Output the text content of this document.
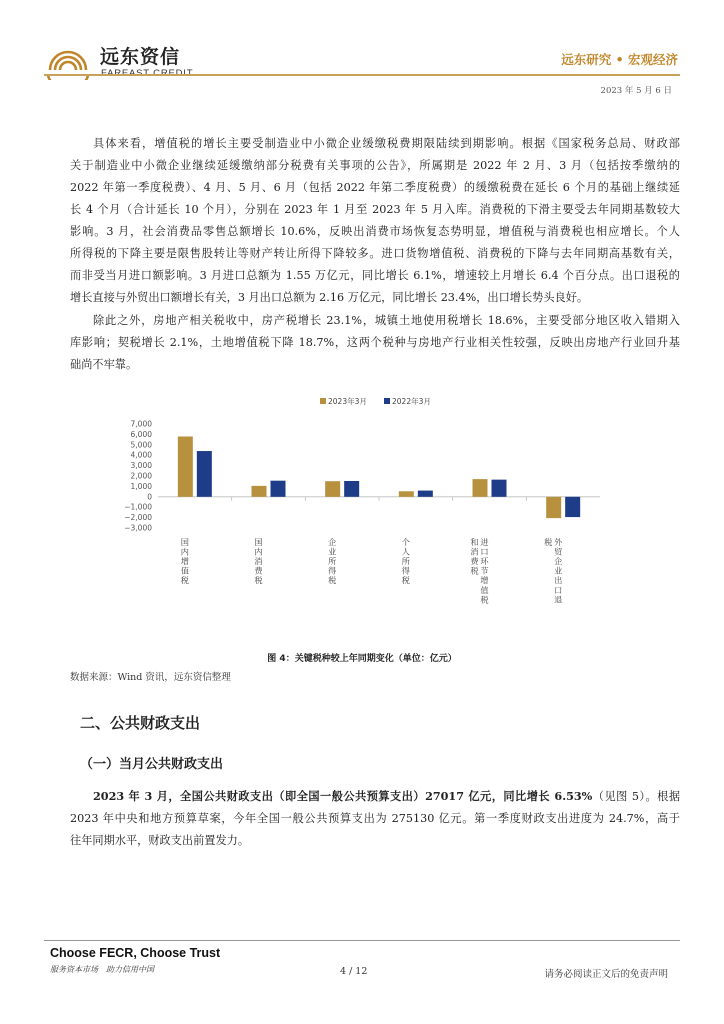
远东资信	远东研究 • 宏观经济
2023 年 5 月 6 日
具体来看，增值税的增长主要受制造业中小微企业缓缴税费期限陆续到期影响。根据《国家税务总局、财政部
关于制造业中小微企业继续延缓缴纳部分税费有关事项的公告》，所属期是 2022 年 2 月、3 月（包括按季缴纳的
2022 年第一季度税费）、4 月、5 月、6 月（包括 2022 年第二季度税费）的缓缴税费在延长 6 个月的基础上继续延
长 4 个月（合计延长 10 个月），分别在 2023 年 1 月至 2023 年 5 月入库。消费税的下滑主要受去年同期基数较大
影响。3 月，社会消费品零售总额增长 10.6%，反映出消费市场恢复态势明显，增值税与消费税也相应增长。个人
所得税的下降主要是限售股转让等财产转让所得下降较多。进口货物增值税、消费税的下降与去年同期高基数有关，
而非受当月进口额影响。3 月进口总额为 1.55 万亿元，同比增长 6.1%，增速较上月增长 6.4 个百分点。出口退税的
增长直接与外贸出口额增长有关，3 月出口总额为 2.16 万亿元，同比增长 23.4%，出口增长势头良好。
除此之外，房地产相关税收中，房产税增长 23.1%，城镇土地使用税增长 18.6%，主要受部分地区收入错期入
库影响；契税增长 2.1%，土地增值税下降 18.7%，这两个税种与房地产行业相关性较强，反映出房地产行业回升基
础尚不牢靠。
2023年3月	2022年3月
7,000
6,000
5,000
4,000
3,000
2,000
1,000
0
−1,000
−2,000
−3,000
国
内
增
值
税
国
内
消
费
税
企
业
所
得
税
个
人
所
得
税
进
口
环
节
增
值
税
和
消
费
税
外
贸
企
业
出
口
退
税
图 4：关键税种较上年同期变化（单位：亿元）
数据来源：Wind 资讯，远东资信整理
二、公共财政支出
（一）当月公共财政支出
2023 年 3 月，全国公共财政支出（即全国一般公共预算支出）27017 亿元，同比增长 6.53%（见图 5）。根据
2023 年中央和地方预算草案，今年全国一般公共预算支出为 275130 亿元。第一季度财政支出进度为 24.7%，高于
往年同期水平，财政支出前置发力。
Choose FECR, Choose Trust
服务资本市场　助力信用中国	4 / 12	请务必阅读正文后的免责声明
